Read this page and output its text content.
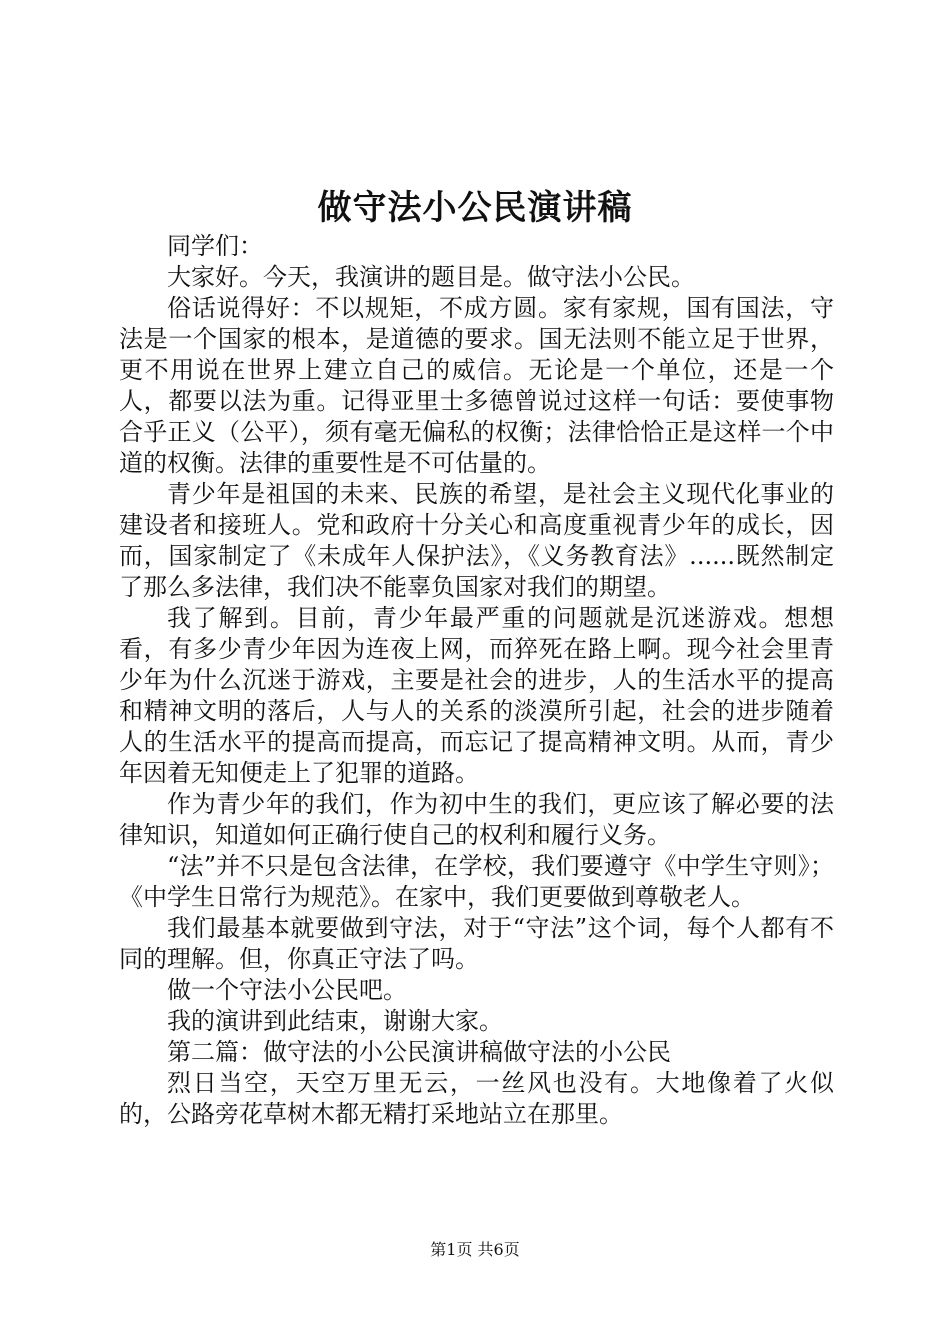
做守法小公民演讲稿

同学们：

大家好。今天，我演讲的题目是。做守法小公民。

俗话说得好：不以规矩，不成方圆。家有家规，国有国法，守法是一个国家的根本，是道德的要求。国无法则不能立足于世界，更不用说在世界上建立自己的威信。无论是一个单位，还是一个人，都要以法为重。记得亚里士多德曾说过这样一句话：要使事物合乎正义（公平），须有毫无偏私的权衡；法律恰恰正是这样一个中道的权衡。法律的重要性是不可估量的。

青少年是祖国的未来、民族的希望，是社会主义现代化事业的建设者和接班人。党和政府十分关心和高度重视青少年的成长，因而，国家制定了《未成年人保护法》，《义务教育法》......既然制定了那么多法律，我们决不能辜负国家对我们的期望。

我了解到。目前，青少年最严重的问题就是沉迷游戏。想想看，有多少青少年因为连夜上网，而猝死在路上啊。现今社会里青少年为什么沉迷于游戏，主要是社会的进步，人的生活水平的提高和精神文明的落后，人与人的关系的淡漠所引起，社会的进步随着人的生活水平的提高而提高，而忘记了提高精神文明。从而，青少年因着无知便走上了犯罪的道路。

作为青少年的我们，作为初中生的我们，更应该了解必要的法律知识，知道如何正确行使自己的权利和履行义务。

“法”并不只是包含法律，在学校，我们要遵守《中学生守则》；《中学生日常行为规范》。在家中，我们更要做到尊敬老人。

我们最基本就要做到守法，对于“守法”这个词，每个人都有不同的理解。但，你真正守法了吗。

做一个守法小公民吧。

我的演讲到此结束，谢谢大家。

第二篇：做守法的小公民演讲稿做守法的小公民

烈日当空，天空万里无云，一丝风也没有。大地像着了火似的，公路旁花草树木都无精打采地站立在那里。

第1页 共6页
